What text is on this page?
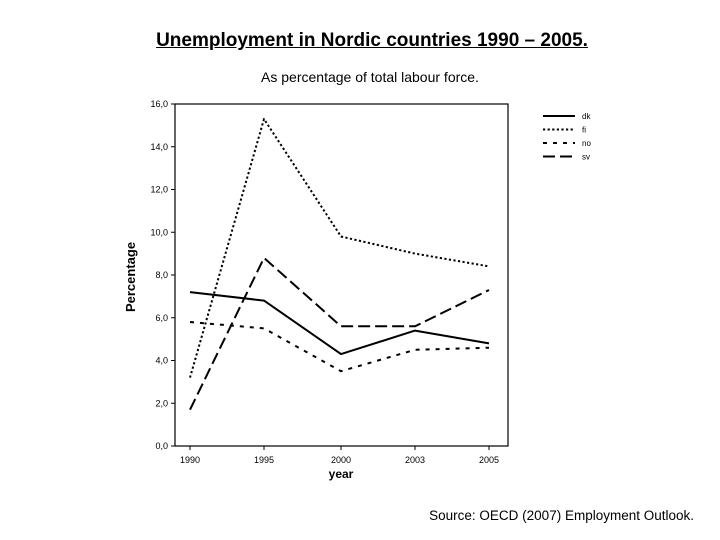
Unemployment in Nordic countries 1990 – 2005.
As percentage of total labour force.
0,0
2,0
4,0
6,0
8,0
10,0
12,0
14,0
16,0
1990	1995	2000	2003	2005
year
Percentage
dk
fi
no
sv
Source: OECD (2007) Employment Outlook.
